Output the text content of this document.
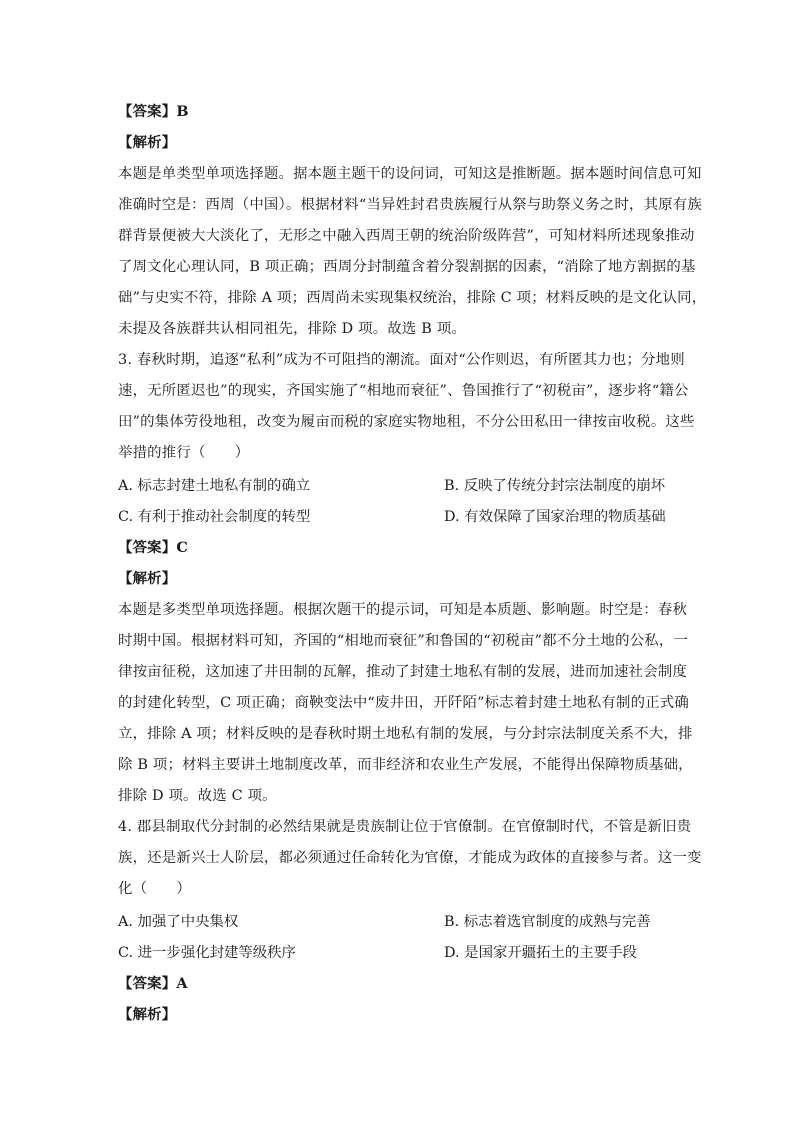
【答案】B
【解析】
本题是单类型单项选择题。据本题主题干的设问词，可知这是推断题。据本题时间信息可知
准确时空是：西周（中国）。根据材料“当异姓封君贵族履行从祭与助祭义务之时，其原有族
群背景便被大大淡化了，无形之中融入西周王朝的统治阶级阵营”，可知材料所述现象推动
了周文化心理认同，B 项正确；西周分封制蕴含着分裂割据的因素，“消除了地方割据的基
础”与史实不符，排除 A 项；西周尚未实现集权统治，排除 C 项；材料反映的是文化认同，
未提及各族群共认相同祖先，排除 D 项。故选 B 项。
3. 春秋时期，追逐“私利”成为不可阻挡的潮流。面对“公作则迟，有所匿其力也；分地则
速，无所匿迟也”的现实，齐国实施了“相地而衰征”、鲁国推行了“初税亩”，逐步将“籍公
田”的集体劳役地租，改变为履亩而税的家庭实物地租，不分公田私田一律按亩收税。这些
举措的推行（　　）
A. 标志封建土地私有制的确立	B. 反映了传统分封宗法制度的崩坏
C. 有利于推动社会制度的转型	D. 有效保障了国家治理的物质基础
【答案】C
【解析】
本题是多类型单项选择题。根据次题干的提示词，可知是本质题、影响题。时空是：春秋
时期中国。根据材料可知，齐国的“相地而衰征”和鲁国的“初税亩”都不分土地的公私，一
律按亩征税，这加速了井田制的瓦解，推动了封建土地私有制的发展，进而加速社会制度
的封建化转型，C 项正确；商鞅变法中“废井田，开阡陌”标志着封建土地私有制的正式确
立，排除 A 项；材料反映的是春秋时期土地私有制的发展，与分封宗法制度关系不大，排
除 B 项；材料主要讲土地制度改革，而非经济和农业生产发展，不能得出保障物质基础，
排除 D 项。故选 C 项。
4. 郡县制取代分封制的必然结果就是贵族制让位于官僚制。在官僚制时代，不管是新旧贵
族，还是新兴士人阶层，都必须通过任命转化为官僚，才能成为政体的直接参与者。这一变
化（　　）
A. 加强了中央集权	B. 标志着选官制度的成熟与完善
C. 进一步强化封建等级秩序	D. 是国家开疆拓土的主要手段
【答案】A
【解析】
